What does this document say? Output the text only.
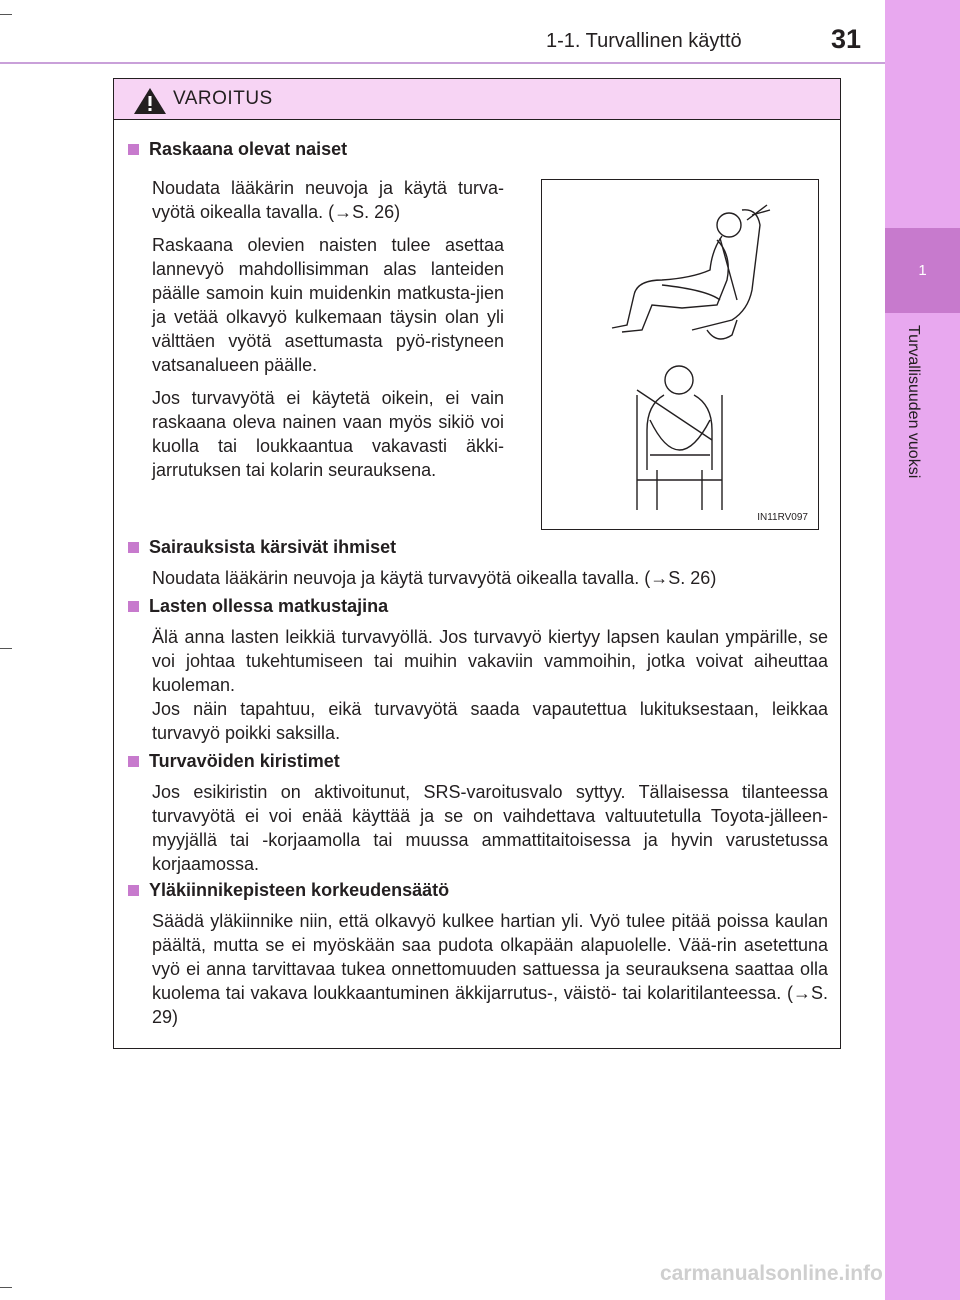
1
Turvallisuuden vuoksi
1-1. Turvallinen käyttö	31
VAROITUS
Raskaana olevat naiset

Noudata lääkärin neuvoja ja käytä turva-vyötä oikealla tavalla. (→S. 26)

Raskaana olevien naisten tulee asettaa lannevyö mahdollisimman alas lanteiden päälle samoin kuin muidenkin matkusta-jien ja vetää olkavyö kulkemaan täysin olan yli välttäen vyötä asettumasta pyö-ristyneen vatsanalueen päälle.

Jos turvavyötä ei käytetä oikein, ei vain raskaana oleva nainen vaan myös sikiö voi kuolla tai loukkaantua vakavasti äkki-jarrutuksen tai kolarin seurauksena.

IN11RV097
Sairauksista kärsivät ihmiset

Noudata lääkärin neuvoja ja käytä turvavyötä oikealla tavalla. (→S. 26)

Lasten ollessa matkustajina

Älä anna lasten leikkiä turvavyöllä. Jos turvavyö kiertyy lapsen kaulan ympärille, se voi johtaa tukehtumiseen tai muihin vakaviin vammoihin, jotka voivat aiheuttaa kuoleman.

Jos näin tapahtuu, eikä turvavyötä saada vapautettua lukituksestaan, leikkaa turvavyö poikki saksilla.

Turvavöiden kiristimet

Jos esikiristin on aktivoitunut, SRS-varoitusvalo syttyy. Tällaisessa tilanteessa turvavyötä ei voi enää käyttää ja se on vaihdettava valtuutetulla Toyota-jälleen-myyjällä tai -korjaamolla tai muussa ammattitaitoisessa ja hyvin varustetussa korjaamossa.

Yläkiinnikepisteen korkeudensäätö

Säädä yläkiinnike niin, että olkavyö kulkee hartian yli. Vyö tulee pitää poissa kaulan päältä, mutta se ei myöskään saa pudota olkapään alapuolelle. Vää-rin asetettuna vyö ei anna tarvittavaa tukea onnettomuuden sattuessa ja seurauksena saattaa olla kuolema tai vakava loukkaantuminen äkkijarrutus-, väistö- tai kolaritilanteessa. (→S. 29)

carmanualsonline.info
